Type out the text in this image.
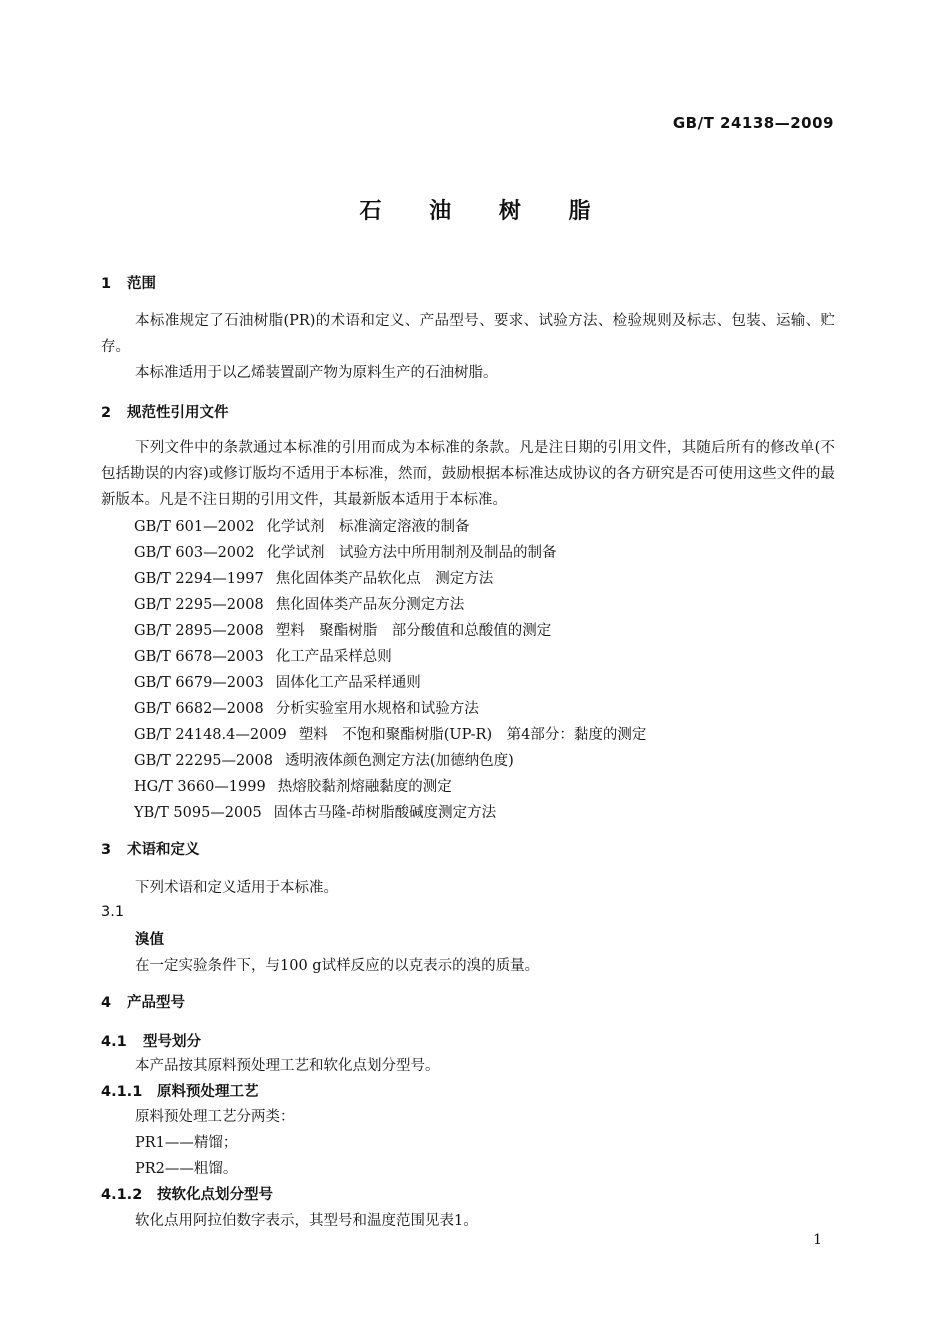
GB/T 24138—2009
石 油 树 脂
1 范围
本标准规定了石油树脂(PR)的术语和定义、产品型号、要求、试验方法、检验规则及标志、包装、运输、贮存。
本标准适用于以乙烯装置副产物为原料生产的石油树脂。
2 规范性引用文件
下列文件中的条款通过本标准的引用而成为本标准的条款。凡是注日期的引用文件，其随后所有的修改单(不包括勘误的内容)或修订版均不适用于本标准，然而，鼓励根据本标准达成协议的各方研究是否可使用这些文件的最新版本。凡是不注日期的引用文件，其最新版本适用于本标准。
GB/T 601—2002 化学试剂　标准滴定溶液的制备
GB/T 603—2002 化学试剂　试验方法中所用制剂及制品的制备
GB/T 2294—1997 焦化固体类产品软化点　测定方法
GB/T 2295—2008 焦化固体类产品灰分测定方法
GB/T 2895—2008 塑料　聚酯树脂　部分酸值和总酸值的测定
GB/T 6678—2003 化工产品采样总则
GB/T 6679—2003 固体化工产品采样通则
GB/T 6682—2008 分析实验室用水规格和试验方法
GB/T 24148.4—2009 塑料　不饱和聚酯树脂(UP-R)　第4部分：黏度的测定
GB/T 22295—2008 透明液体颜色测定方法(加德纳色度)
HG/T 3660—1999 热熔胶黏剂熔融黏度的测定
YB/T 5095—2005 固体古马隆-茚树脂酸碱度测定方法
3 术语和定义
下列术语和定义适用于本标准。
3.1
溴值
在一定实验条件下，与100 g试样反应的以克表示的溴的质量。
4 产品型号
4.1 型号划分
本产品按其原料预处理工艺和软化点划分型号。
4.1.1 原料预处理工艺
原料预处理工艺分两类：
PR1——精馏；
PR2——粗馏。
4.1.2 按软化点划分型号
软化点用阿拉伯数字表示，其型号和温度范围见表1。
1
